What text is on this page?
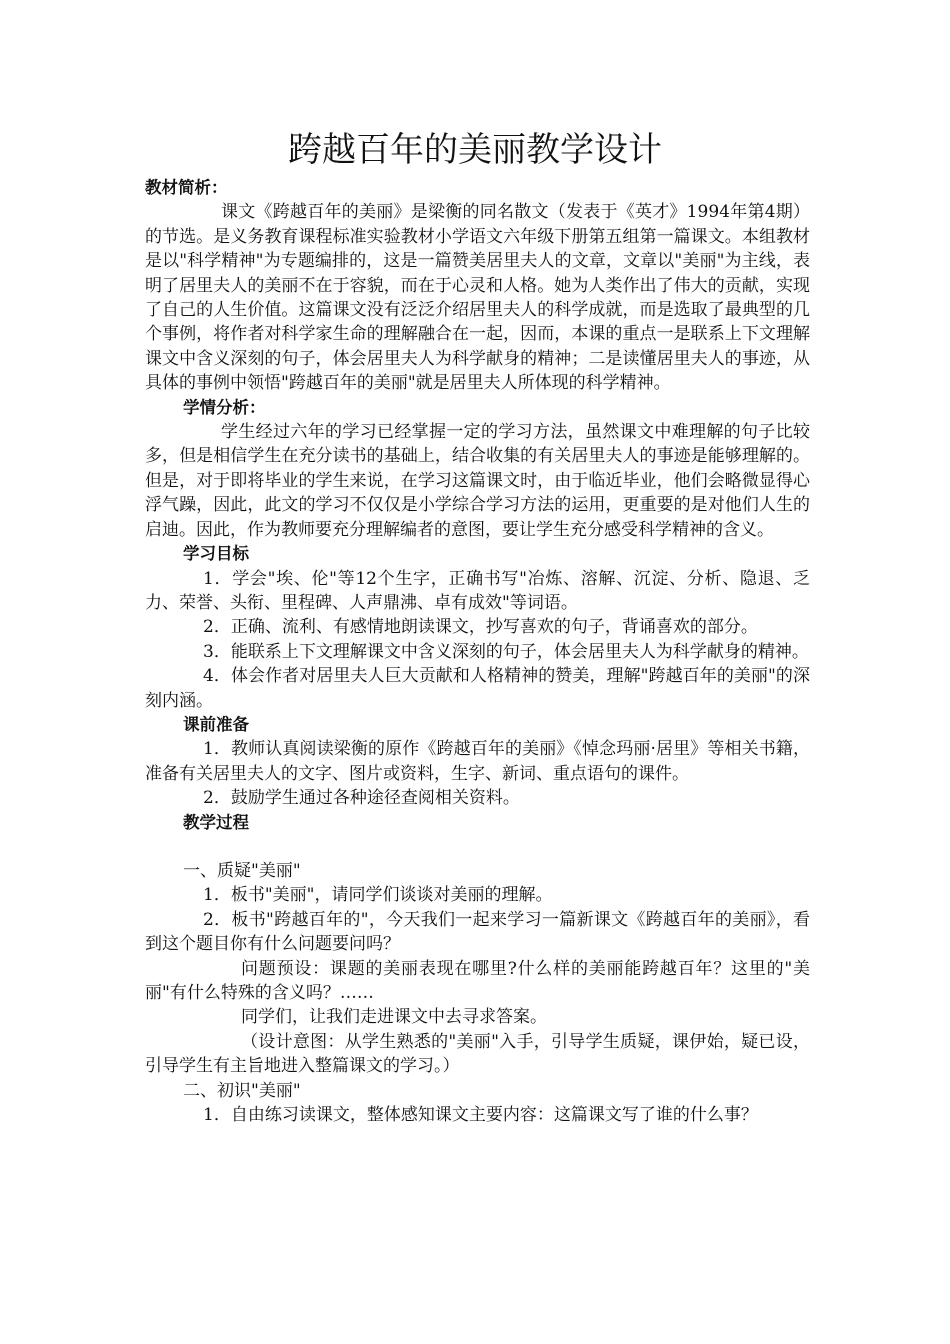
跨越百年的美丽教学设计

教材简析：

课文《跨越百年的美丽》是梁衡的同名散文（发表于《英才》1994年第4期）的节选。是义务教育课程标准实验教材小学语文六年级下册第五组第一篇课文。本组教材是以"科学精神"为专题编排的，这是一篇赞美居里夫人的文章，文章以"美丽"为主线，表明了居里夫人的美丽不在于容貌，而在于心灵和人格。她为人类作出了伟大的贡献，实现了自己的人生价值。这篇课文没有泛泛介绍居里夫人的科学成就，而是选取了最典型的几个事例，将作者对科学家生命的理解融合在一起，因而，本课的重点一是联系上下文理解课文中含义深刻的句子，体会居里夫人为科学献身的精神；二是读懂居里夫人的事迹，从具体的事例中领悟"跨越百年的美丽"就是居里夫人所体现的科学精神。

学情分析：

学生经过六年的学习已经掌握一定的学习方法，虽然课文中难理解的句子比较多，但是相信学生在充分读书的基础上，结合收集的有关居里夫人的事迹是能够理解的。但是，对于即将毕业的学生来说，在学习这篇课文时，由于临近毕业，他们会略微显得心浮气躁，因此，此文的学习不仅仅是小学综合学习方法的运用，更重要的是对他们人生的启迪。因此，作为教师要充分理解编者的意图，要让学生充分感受科学精神的含义。

学习目标

1．学会"埃、伦"等12个生字，正确书写"冶炼、溶解、沉淀、分析、隐退、乏力、荣誉、头衔、里程碑、人声鼎沸、卓有成效"等词语。

2．正确、流利、有感情地朗读课文，抄写喜欢的句子，背诵喜欢的部分。

3．能联系上下文理解课文中含义深刻的句子，体会居里夫人为科学献身的精神。

4．体会作者对居里夫人巨大贡献和人格精神的赞美，理解"跨越百年的美丽"的深刻内涵。

课前准备

1．教师认真阅读梁衡的原作《跨越百年的美丽》《悼念玛丽·居里》等相关书籍，准备有关居里夫人的文字、图片或资料，生字、新词、重点语句的课件。

2．鼓励学生通过各种途径查阅相关资料。

教学过程

一、质疑"美丽"

1．板书"美丽"，请同学们谈谈对美丽的理解。

2．板书"跨越百年的"，今天我们一起来学习一篇新课文《跨越百年的美丽》，看到这个题目你有什么问题要问吗？

问题预设：课题的美丽表现在哪里?什么样的美丽能跨越百年？这里的"美丽"有什么特殊的含义吗？……

同学们，让我们走进课文中去寻求答案。

（设计意图：从学生熟悉的"美丽"入手，引导学生质疑，课伊始，疑已设，引导学生有主旨地进入整篇课文的学习。）

二、初识"美丽"

1．自由练习读课文，整体感知课文主要内容：这篇课文写了谁的什么事？
